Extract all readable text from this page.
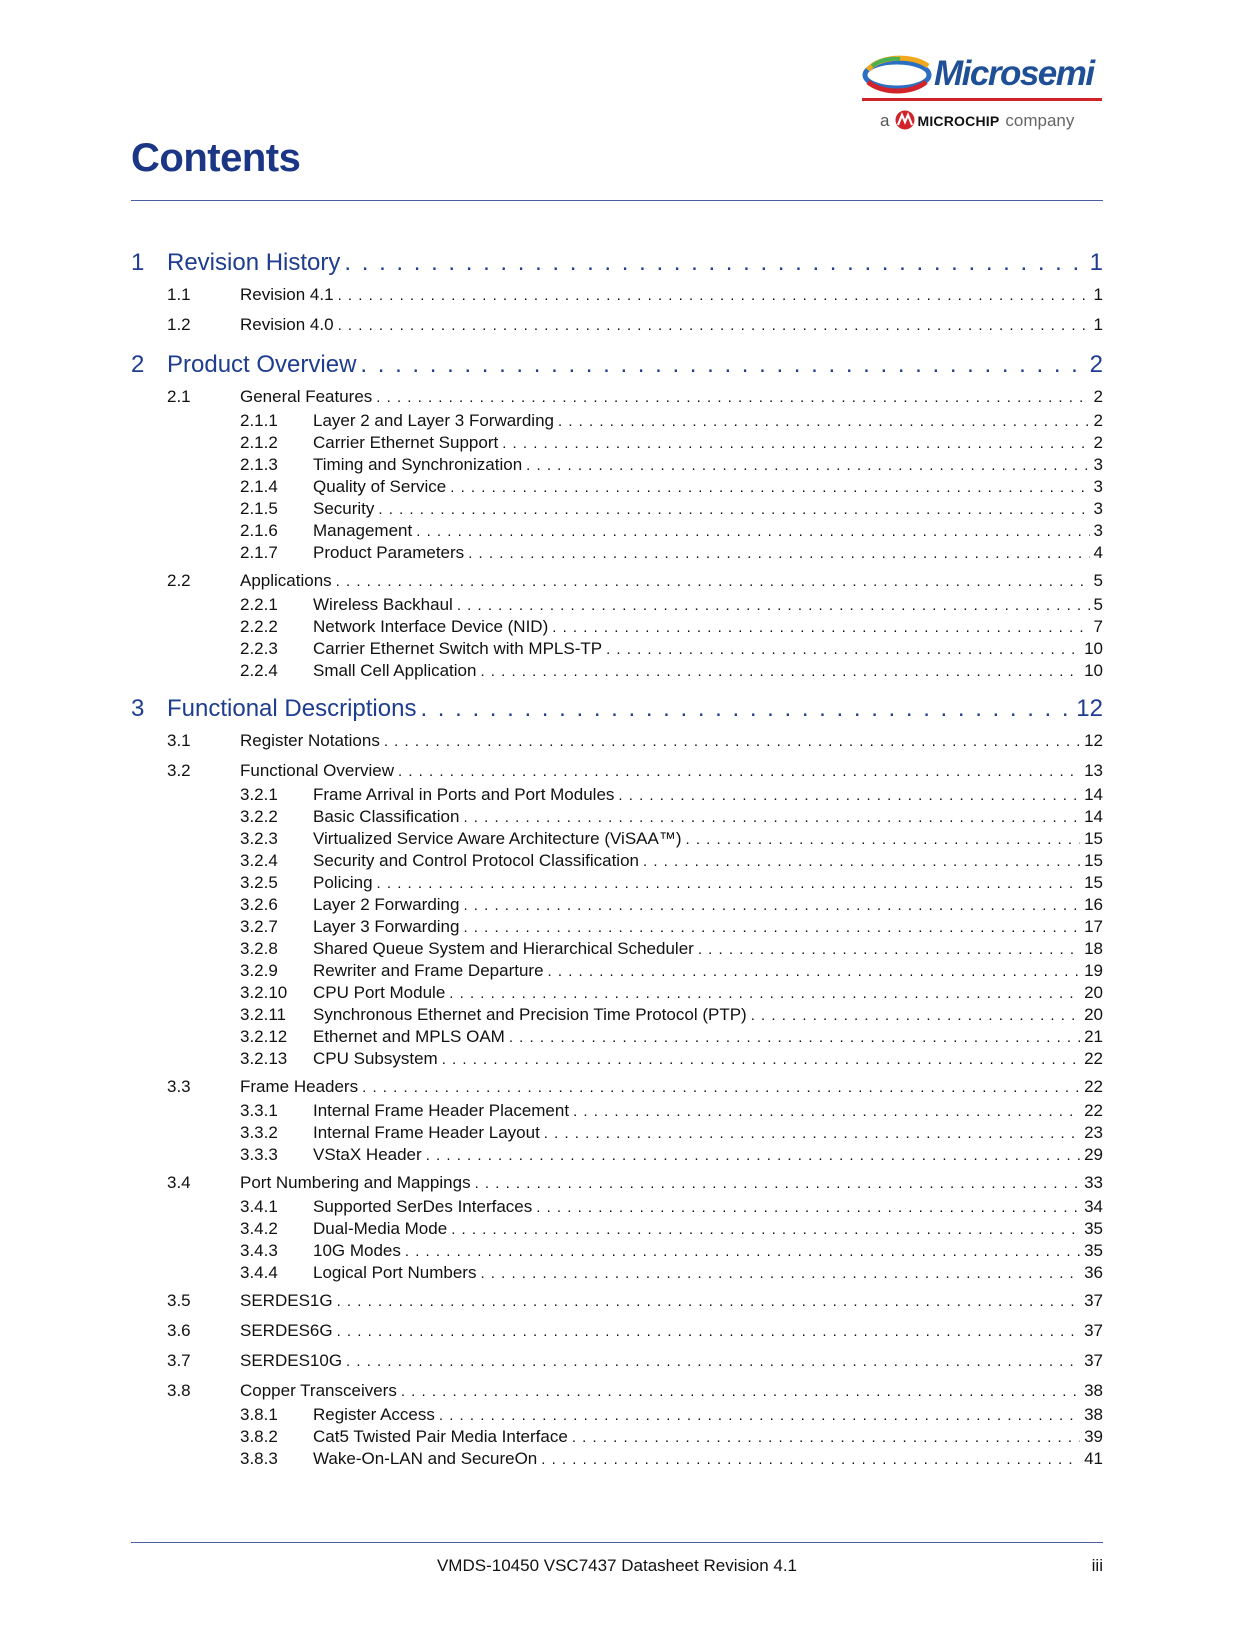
Microsemi
a MICROCHIP company
Contents
1 Revision History . . .	1
1.1	Revision 4.1 . . .	1
1.2	Revision 4.0 . . .	1
2 Product Overview . . .	2
2.1	General Features . . .	2
2.1.1	Layer 2 and Layer 3 Forwarding . . .	2
2.1.2	Carrier Ethernet Support . . .	2
2.1.3	Timing and Synchronization . . .	3
2.1.4	Quality of Service . . .	3
2.1.5	Security . . .	3
2.1.6	Management . . .	3
2.1.7	Product Parameters . . .	4
2.2	Applications . . .	5
2.2.1	Wireless Backhaul . . .	5
2.2.2	Network Interface Device (NID) . . .	7
2.2.3	Carrier Ethernet Switch with MPLS-TP . . .	10
2.2.4	Small Cell Application . . .	10
3 Functional Descriptions . . .	12
3.1	Register Notations . . .	12
3.2	Functional Overview . . .	13
3.2.1	Frame Arrival in Ports and Port Modules . . .	14
3.2.2	Basic Classification . . .	14
3.2.3	Virtualized Service Aware Architecture (ViSAA™) . . .	15
3.2.4	Security and Control Protocol Classification . . .	15
3.2.5	Policing . . .	15
3.2.6	Layer 2 Forwarding . . .	16
3.2.7	Layer 3 Forwarding . . .	17
3.2.8	Shared Queue System and Hierarchical Scheduler . . .	18
3.2.9	Rewriter and Frame Departure . . .	19
3.2.10	CPU Port Module . . .	20
3.2.11	Synchronous Ethernet and Precision Time Protocol (PTP) . . .	20
3.2.12	Ethernet and MPLS OAM . . .	21
3.2.13	CPU Subsystem . . .	22
3.3	Frame Headers . . .	22
3.3.1	Internal Frame Header Placement . . .	22
3.3.2	Internal Frame Header Layout . . .	23
3.3.3	VStaX Header . . .	29
3.4	Port Numbering and Mappings . . .	33
3.4.1	Supported SerDes Interfaces . . .	34
3.4.2	Dual-Media Mode . . .	35
3.4.3	10G Modes . . .	35
3.4.4	Logical Port Numbers . . .	36
3.5	SERDES1G . . .	37
3.6	SERDES6G . . .	37
3.7	SERDES10G . . .	37
3.8	Copper Transceivers . . .	38
3.8.1	Register Access . . .	38
3.8.2	Cat5 Twisted Pair Media Interface . . .	39
3.8.3	Wake-On-LAN and SecureOn . . .	41
VMDS-10450 VSC7437 Datasheet Revision 4.1	iii
